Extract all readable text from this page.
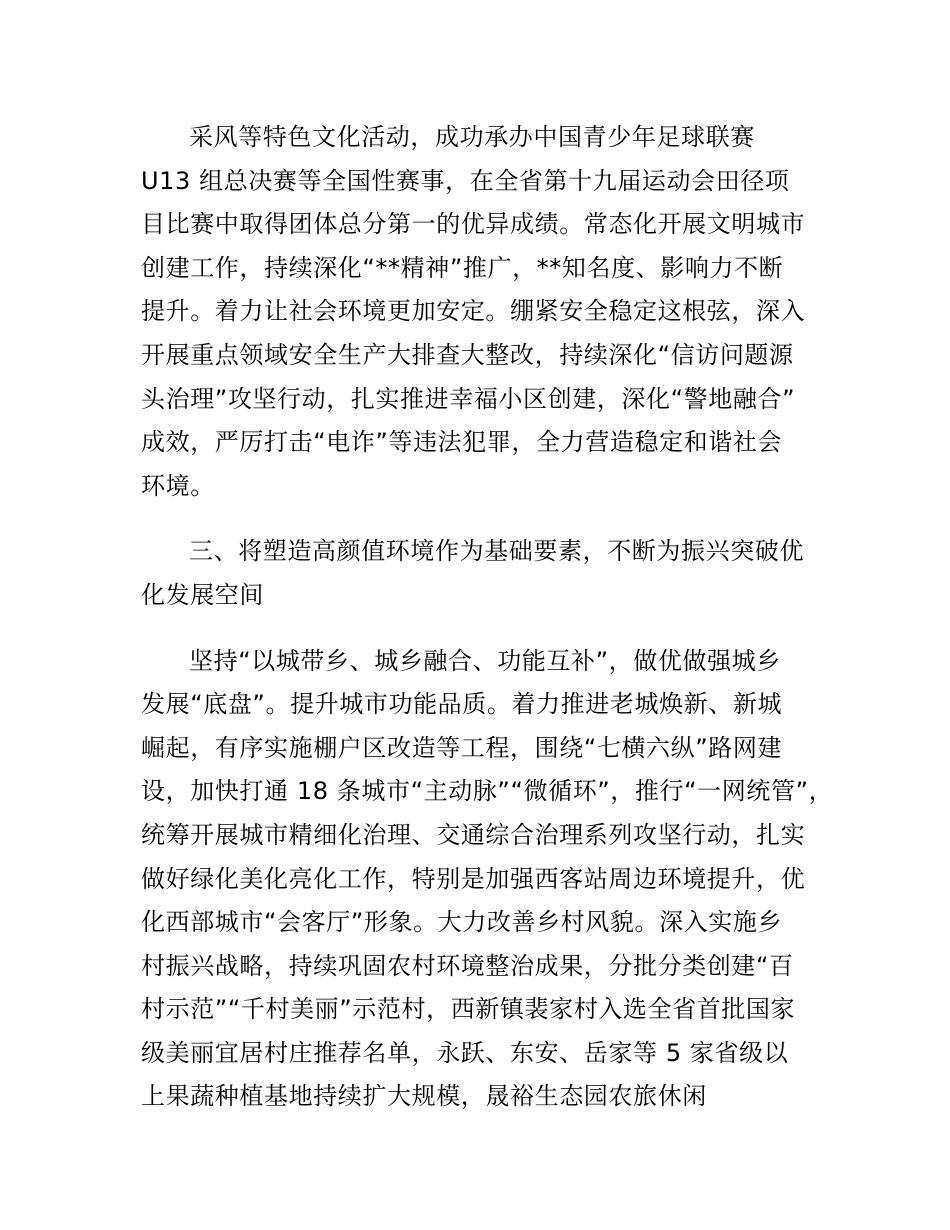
采风等特色文化活动，成功承办中国青少年足球联赛
U13 组总决赛等全国性赛事，在全省第十九届运动会田径项
目比赛中取得团体总分第一的优异成绩。常态化开展文明城市
创建工作，持续深化“**精神”推广，**知名度、影响力不断
提升。着力让社会环境更加安定。绷紧安全稳定这根弦，深入
开展重点领域安全生产大排查大整改，持续深化“信访问题源
头治理”攻坚行动，扎实推进幸福小区创建，深化“警地融合”
成效，严厉打击“电诈”等违法犯罪，全力营造稳定和谐社会
环境。
三、将塑造高颜值环境作为基础要素，不断为振兴突破优
化发展空间
坚持“以城带乡、城乡融合、功能互补”，做优做强城乡
发展“底盘”。提升城市功能品质。着力推进老城焕新、新城
崛起，有序实施棚户区改造等工程，围绕“七横六纵”路网建
设，加快打通 18 条城市“主动脉”“微循环”，推行“一网统管”，
统筹开展城市精细化治理、交通综合治理系列攻坚行动，扎实
做好绿化美化亮化工作，特别是加强西客站周边环境提升，优
化西部城市“会客厅”形象。大力改善乡村风貌。深入实施乡
村振兴战略，持续巩固农村环境整治成果，分批分类创建“百
村示范”“千村美丽”示范村，西新镇裴家村入选全省首批国家
级美丽宜居村庄推荐名单，永跃、东安、岳家等 5 家省级以
上果蔬种植基地持续扩大规模，晟裕生态园农旅休闲
